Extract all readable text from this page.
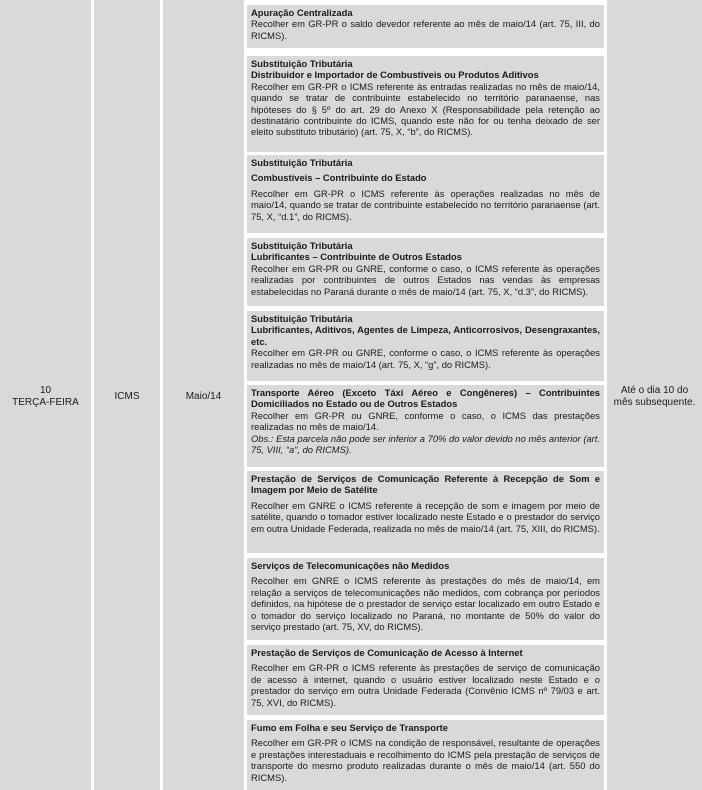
10
TERÇA-FEIRA
ICMS	Maio/14

Apuração Centralizada

Recolher em GR-PR o saldo devedor referente ao mês de maio/14 (art. 75, III, do RICMS).

Substituição Tributária

Distribuidor e Importador de Combustíveis ou Produtos Aditivos

Recolher em GR-PR o ICMS referente às entradas realizadas no mês de maio/14, quando se tratar de contribuinte estabelecido no território paranaense, nas hipóteses do § 5º do art. 29 do Anexo X (Responsabilidade pela retenção ao destinatário contribuinte do ICMS, quando este não for ou tenha deixado de ser eleito substituto tributário) (art. 75, X, “b”, do RICMS).

Substituição Tributária

Combustíveis – Contribuinte do Estado

Recolher em GR-PR o ICMS referente às operações realizadas no mês de maio/14, quando se tratar de contribuinte estabelecido no território paranaense (art. 75, X, “d.1”, do RICMS).

Substituição Tributária

Lubrificantes – Contribuinte de Outros Estados

Recolher em GR-PR ou GNRE, conforme o caso, o ICMS referente às operações realizadas por contribuintes de outros Estados nas vendas às empresas estabelecidas no Paraná durante o mês de maio/14 (art. 75, X, “d.3”, do RICMS).

Substituição Tributária

Lubrificantes, Aditivos, Agentes de Limpeza, Anticorrosivos, Desengraxantes, etc.

Recolher em GR-PR ou GNRE, conforme o caso, o ICMS referente às operações realizadas no mês de maio/14 (art. 75, X, “g”, do RICMS).

Transporte Aéreo (Exceto Táxi Aéreo e Congêneres) – Contribuintes Domiciliados no Estado ou de Outros Estados

Recolher em GR-PR ou GNRE, conforme o caso, o ICMS das prestações realizadas no mês de maio/14.

Obs.: Esta parcela não pode ser inferior a 70% do valor devido no mês anterior (art. 75, VIII, “a”, do RICMS).

Prestação de Serviços de Comunicação Referente à Recepção de Som e Imagem por Meio de Satélite

Recolher em GNRE o ICMS referente à recepção de som e imagem por meio de satélite, quando o tomador estiver localizado neste Estado e o prestador do serviço em outra Unidade Federada, realizada no mês de maio/14 (art. 75, XIII, do RICMS).

Serviços de Telecomunicações não Medidos

Recolher em GNRE o ICMS referente às prestações do mês de maio/14, em relação a serviços de telecomunicações não medidos, com cobrança por períodos definidos, na hipótese de o prestador de serviço estar localizado em outro Estado e o tomador do serviço localizado no Paraná, no montante de 50% do valor do serviço prestado (art. 75, XV, do RICMS).

Prestação de Serviços de Comunicação de Acesso à Internet

Recolher em GR-PR o ICMS referente às prestações de serviço de comunicação de acesso à internet, quando o usuário estiver localizado neste Estado e o prestador do serviço em outra Unidade Federada (Convênio ICMS nº 79/03 e art. 75, XVI, do RICMS).

Fumo em Folha e seu Serviço de Transporte

Recolher em GR-PR o ICMS na condição de responsável, resultante de operações e prestações interestaduais e recolhimento do ICMS pela prestação de serviços de transporte do mesmo produto realizadas durante o mês de maio/14 (art. 550 do RICMS).

Até o dia 10 do
mês subsequente.
